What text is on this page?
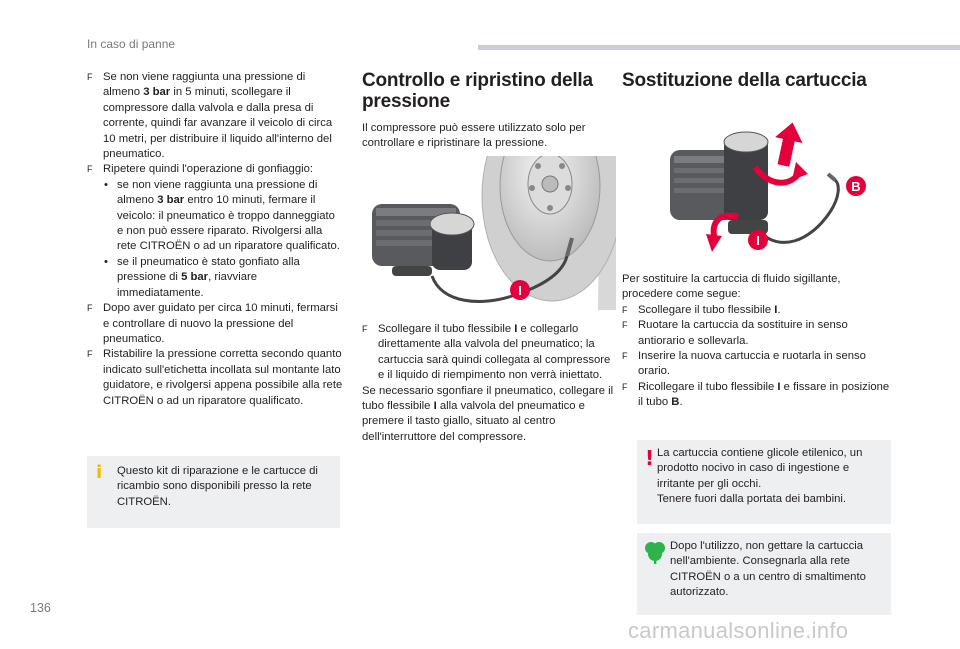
In caso di panne
F Se non viene raggiunta una pressione di almeno 3 bar in 5 minuti, scollegare il compressore dalla valvola e dalla presa di corrente, quindi far avanzare il veicolo di circa 10 metri, per distribuire il liquido all'interno del pneumatico.
F Ripetere quindi l'operazione di gonfiaggio:
• se non viene raggiunta una pressione di almeno 3 bar entro 10 minuti, fermare il veicolo: il pneumatico è troppo danneggiato e non può essere riparato. Rivolgersi alla rete CITROËN o ad un riparatore qualificato.
• se il pneumatico è stato gonfiato alla pressione di 5 bar, riavviare immediatamente.
F Dopo aver guidato per circa 10 minuti, fermarsi e controllare di nuovo la pressione del pneumatico.
F Ristabilire la pressione corretta secondo quanto indicato sull'etichetta incollata sul montante lato guidatore, e rivolgersi appena possibile alla rete CITROËN o ad un riparatore qualificato.
i Questo kit di riparazione e le cartucce di ricambio sono disponibili presso la rete CITROËN.
Controllo e ripristino della pressione

Il compressore può essere utilizzato solo per controllare e ripristinare la pressione.

I
F Scollegare il tubo flessibile I e collegarlo direttamente alla valvola del pneumatico; la cartuccia sarà quindi collegata al compressore e il liquido di riempimento non verrà iniettato.

Se necessario sgonfiare il pneumatico, collegare il tubo flessibile I alla valvola del pneumatico e premere il tasto giallo, situato al centro dell'interruttore del compressore.

Sostituzione della cartuccia
B
I

Per sostituire la cartuccia di fluido sigillante, procedere come segue:

F Scollegare il tubo flessibile I.
F Ruotare la cartuccia da sostituire in senso antiorario e sollevarla.
F Inserire la nuova cartuccia e ruotarla in senso orario.
F Ricollegare il tubo flessibile I e fissare in posizione il tubo B.
! La cartuccia contiene glicole etilenico, un prodotto nocivo in caso di ingestione e irritante per gli occhi.
Tenere fuori dalla portata dei bambini.
Dopo l'utilizzo, non gettare la cartuccia nell'ambiente. Consegnarla alla rete CITROËN o a un centro di smaltimento autorizzato.
136
carmanualsonline.info
